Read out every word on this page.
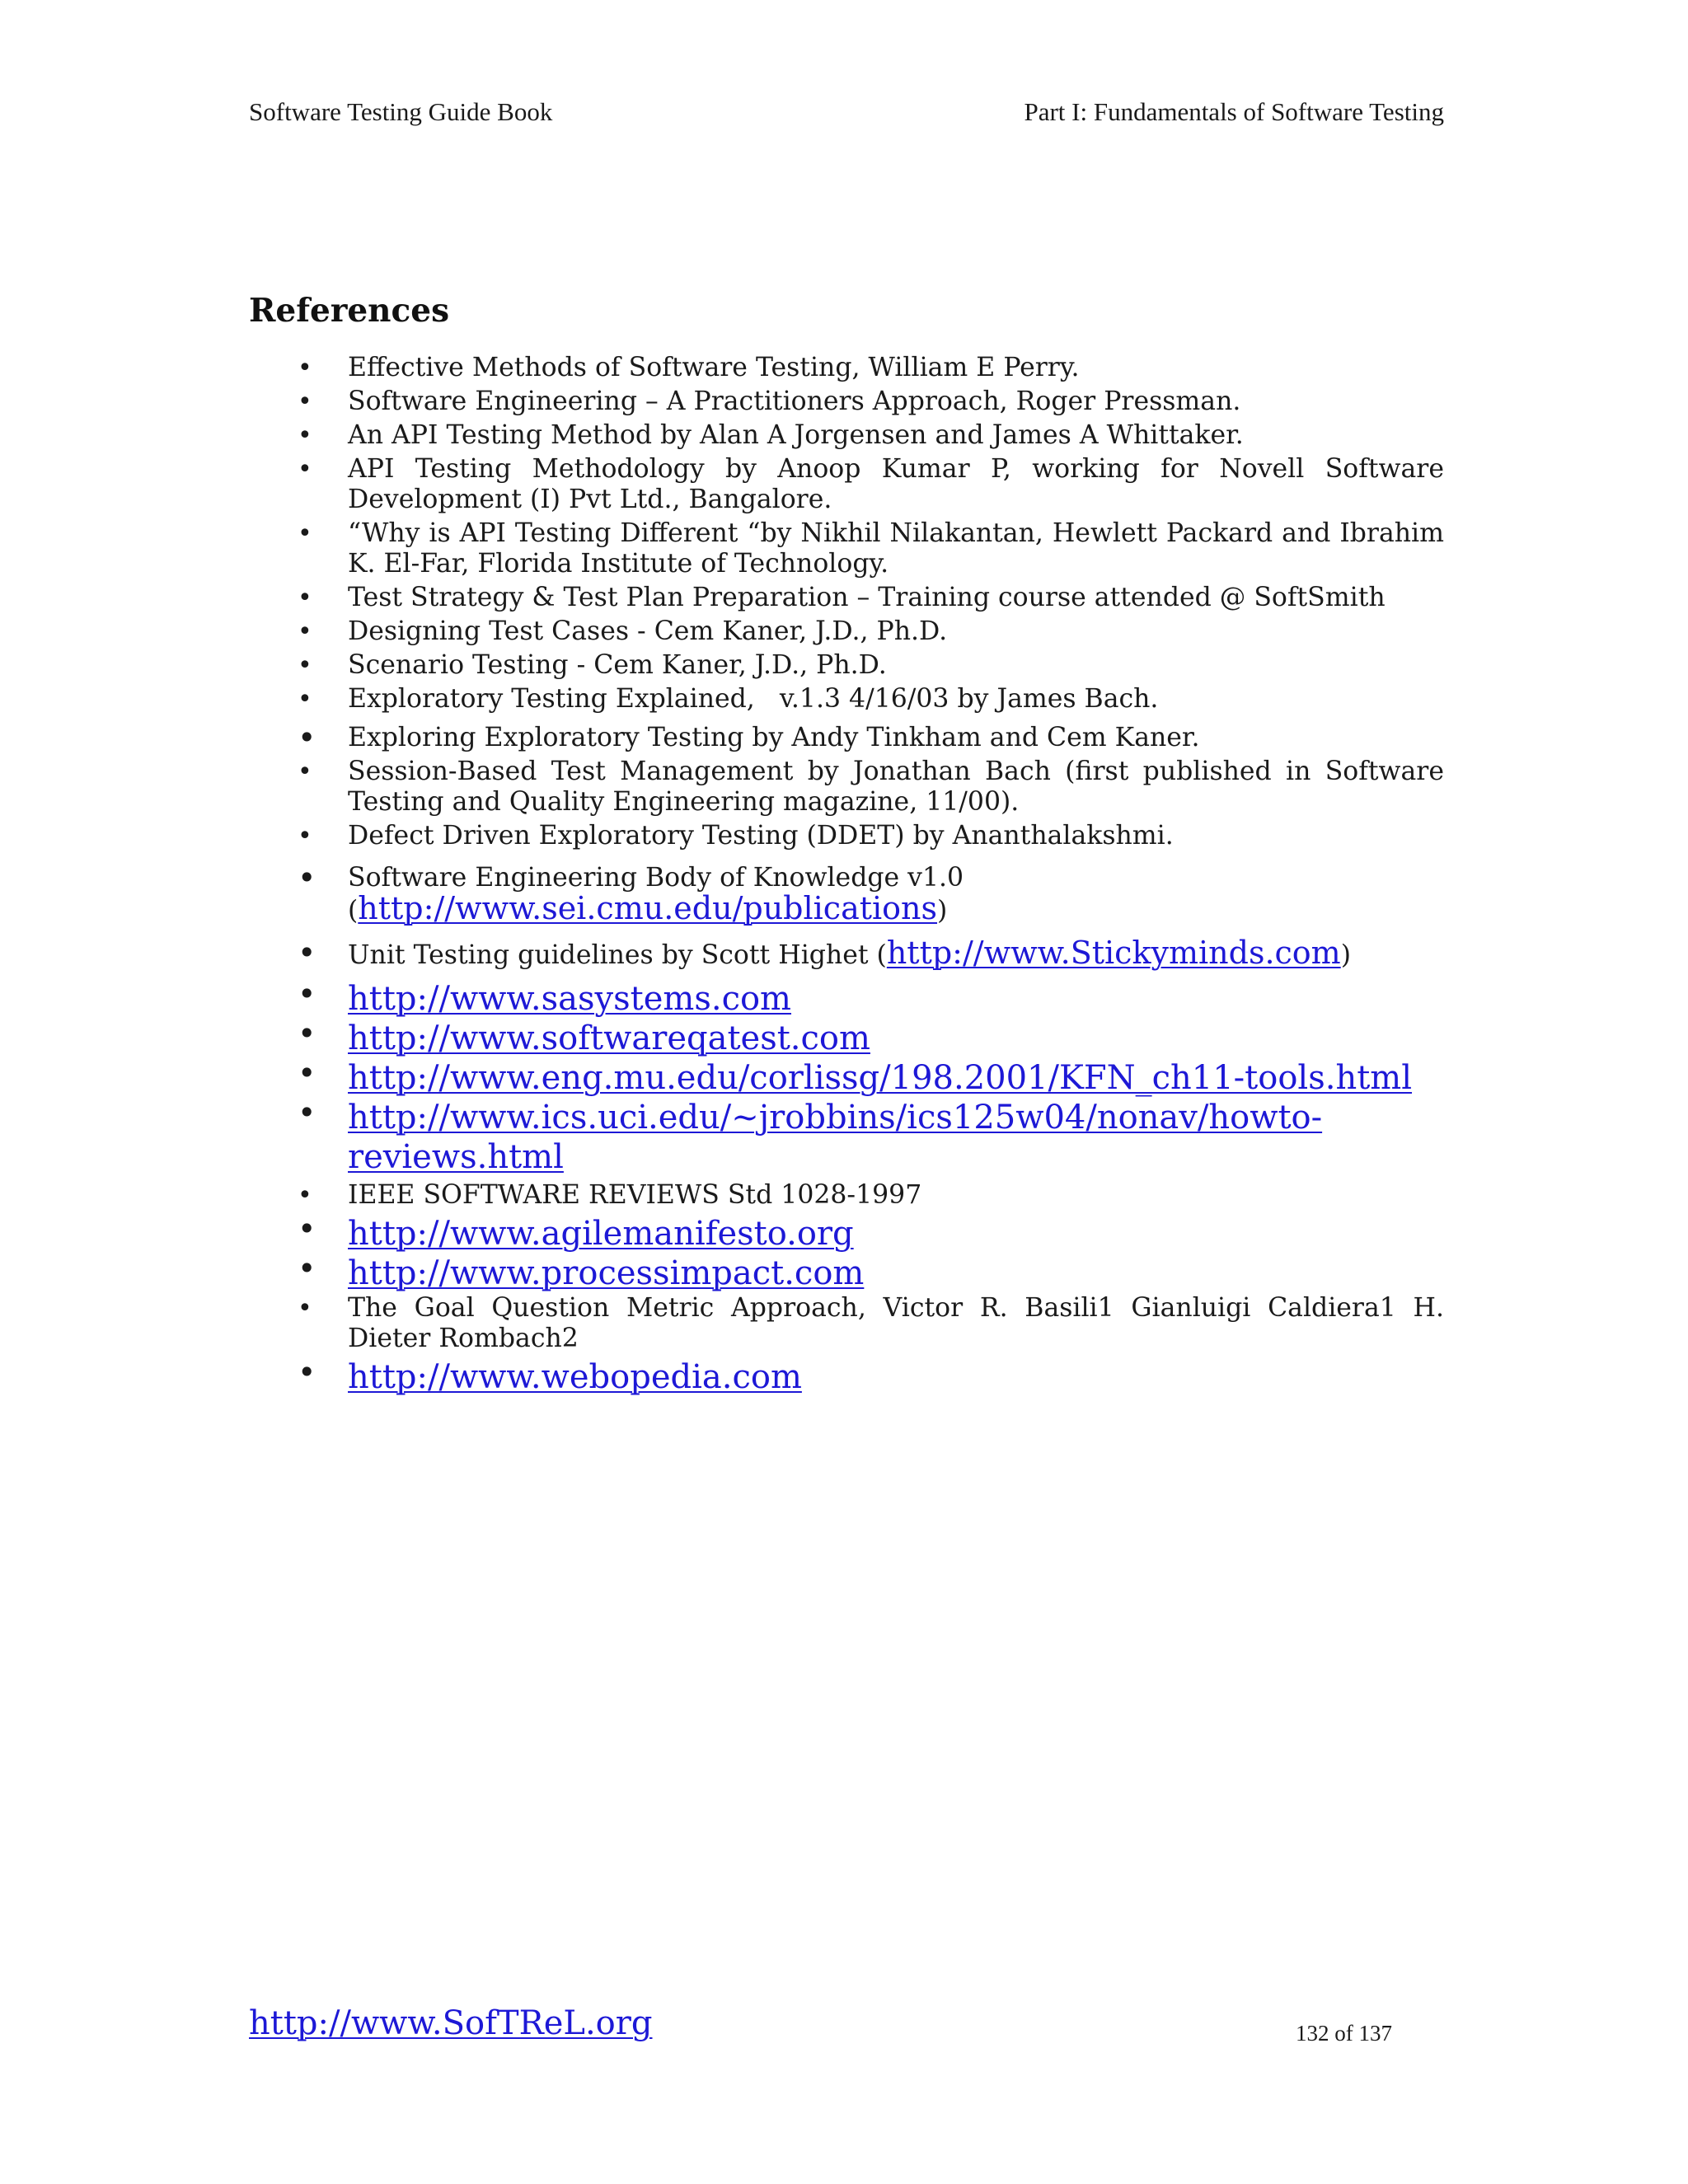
Software Testing Guide Book	Part I: Fundamentals of Software Testing
References
• Effective Methods of Software Testing, William E Perry.
• Software Engineering – A Practitioners Approach, Roger Pressman.
• An API Testing Method by Alan A Jorgensen and James A Whittaker.
• API Testing Methodology by Anoop Kumar P, working for Novell Software Development (I) Pvt Ltd., Bangalore.
• “Why is API Testing Different “by Nikhil Nilakantan, Hewlett Packard and Ibrahim K. El-Far, Florida Institute of Technology.
• Test Strategy & Test Plan Preparation – Training course attended @ SoftSmith
• Designing Test Cases - Cem Kaner, J.D., Ph.D.
• Scenario Testing - Cem Kaner, J.D., Ph.D.
• Exploratory Testing Explained,   v.1.3 4/16/03 by James Bach.
• Exploring Exploratory Testing by Andy Tinkham and Cem Kaner.
• Session-Based Test Management by Jonathan Bach (first published in Software Testing and Quality Engineering magazine, 11/00).
• Defect Driven Exploratory Testing (DDET) by Ananthalakshmi.
• Software Engineering Body of Knowledge v1.0
(http://www.sei.cmu.edu/publications)
• Unit Testing guidelines by Scott Highet (http://www.Stickyminds.com)
• http://www.sasystems.com
• http://www.softwareqatest.com
• http://www.eng.mu.edu/corlissg/198.2001/KFN_ch11-tools.html
• http://www.ics.uci.edu/~jrobbins/ics125w04/nonav/howto-
reviews.html
• IEEE SOFTWARE REVIEWS Std 1028-1997
• http://www.agilemanifesto.org
• http://www.processimpact.com
• The Goal Question Metric Approach, Victor R. Basili1 Gianluigi Caldiera1 H. Dieter Rombach2
• http://www.webopedia.com
http://www.SofTReL.org	132 of 137
